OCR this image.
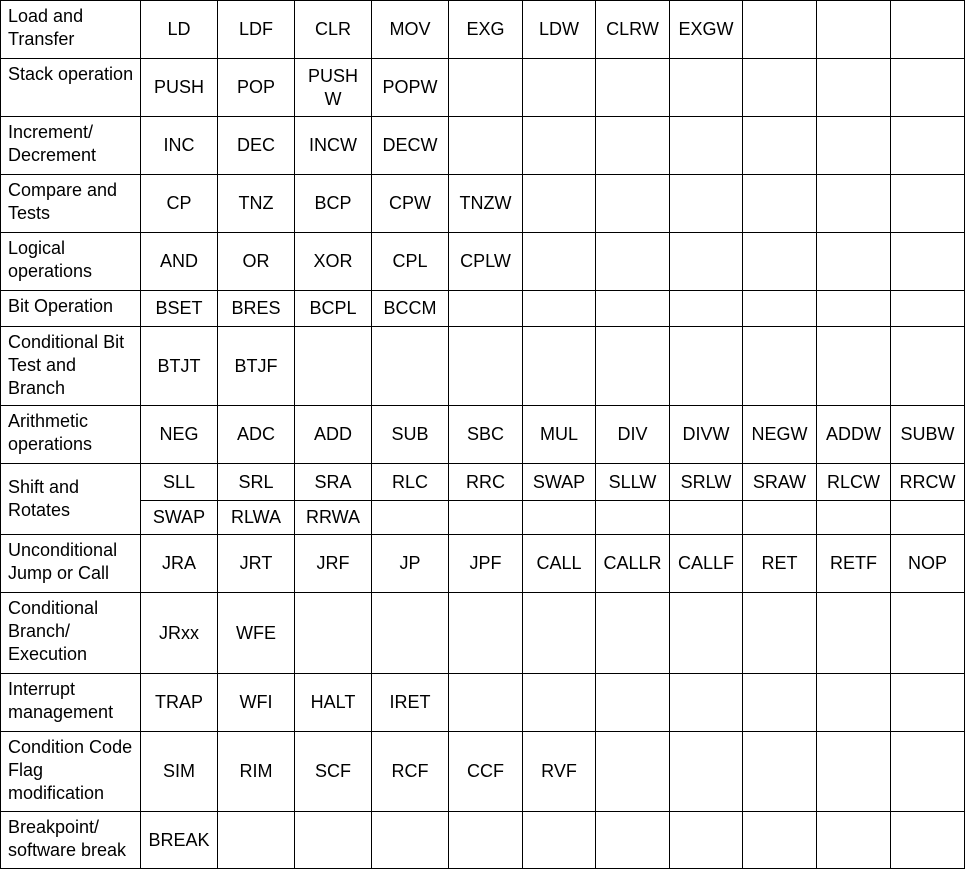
Load and Transfer	LD	LDF	CLR	MOV	EXG	LDW	CLRW	EXGW			
Stack operation	PUSH	POP	PUSHW	POPW							
Increment/ Decrement	INC	DEC	INCW	DECW							
Compare and Tests	CP	TNZ	BCP	CPW	TNZW						
Logical operations	AND	OR	XOR	CPL	CPLW						
Bit Operation	BSET	BRES	BCPL	BCCM							
Conditional Bit Test and Branch	BTJT	BTJF									
Arithmetic operations	NEG	ADC	ADD	SUB	SBC	MUL	DIV	DIVW	NEGW	ADDW	SUBW
Shift and Rotates	SLL	SRL	SRA	RLC	RRC	SWAP	SLLW	SRLW	SRAW	RLCW	RRCW
	SWAP	RLWA	RRWA								
Unconditional Jump or Call	JRA	JRT	JRF	JP	JPF	CALL	CALLR	CALLF	RET	RETF	NOP
Conditional Branch/ Execution	JRxx	WFE									
Interrupt management	TRAP	WFI	HALT	IRET							
Condition Code Flag modification	SIM	RIM	SCF	RCF	CCF	RVF					
Breakpoint/ software break	BREAK										
